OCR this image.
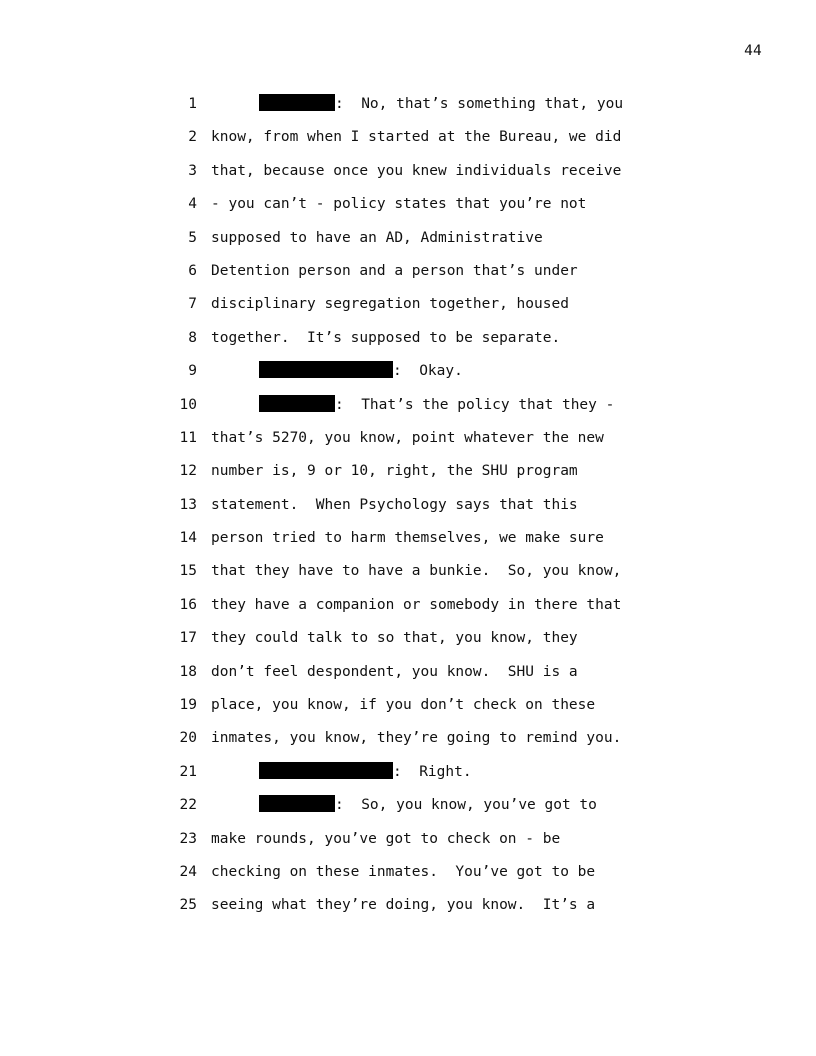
44
1	:  No, that’s something that, you
2 know, from when I started at the Bureau, we did
3 that, because once you knew individuals receive
4 - you can’t - policy states that you’re not
5 supposed to have an AD, Administrative
6 Detention person and a person that’s under
7 disciplinary segregation together, housed
8 together.  It’s supposed to be separate.
9	:  Okay.
10	:  That’s the policy that they -
11 that’s 5270, you know, point whatever the new
12 number is, 9 or 10, right, the SHU program
13 statement.  When Psychology says that this
14 person tried to harm themselves, we make sure
15 that they have to have a bunkie.  So, you know,
16 they have a companion or somebody in there that
17 they could talk to so that, you know, they
18 don’t feel despondent, you know.  SHU is a
19 place, you know, if you don’t check on these
20 inmates, you know, they’re going to remind you.
21	:  Right.
22	:  So, you know, you’ve got to
23 make rounds, you’ve got to check on - be
24 checking on these inmates.  You’ve got to be
25 seeing what they’re doing, you know.  It’s a
